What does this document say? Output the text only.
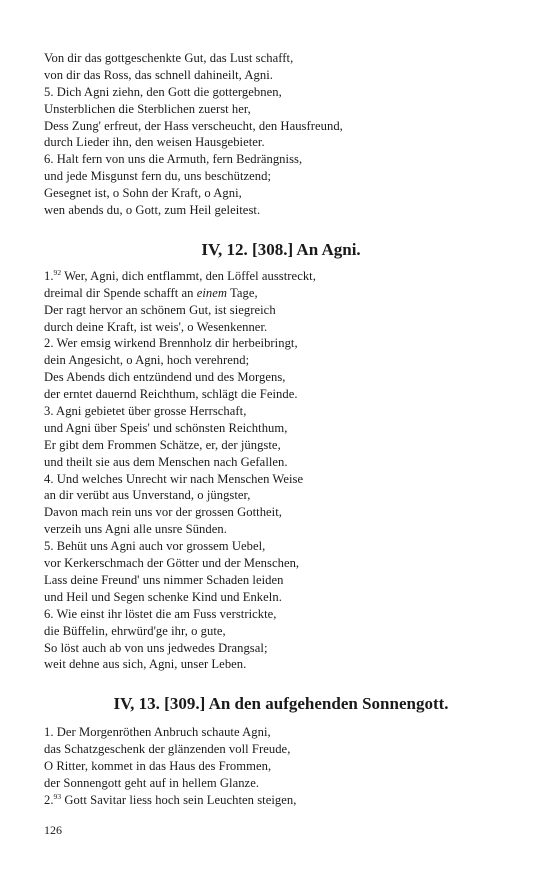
Von dir das gottgeschenkte Gut, das Lust schafft,
von dir das Ross, das schnell dahineilt, Agni.
5. Dich Agni ziehn, den Gott die gottergebnen,
Unsterblichen die Sterblichen zuerst her,
Dess Zung' erfreut, der Hass verscheucht, den Hausfreund,
durch Lieder ihn, den weisen Hausgebieter.
6. Halt fern von uns die Armuth, fern Bedrängniss,
und jede Misgunst fern du, uns beschützend;
Gesegnet ist, o Sohn der Kraft, o Agni,
wen abends du, o Gott, zum Heil geleitest.
IV, 12. [308.] An Agni.
1.92 Wer, Agni, dich entflammt, den Löffel ausstreckt,
dreimal dir Spende schafft an einem Tage,
Der ragt hervor an schönem Gut, ist siegreich
durch deine Kraft, ist weis', o Wesenkenner.
2. Wer emsig wirkend Brennholz dir herbeibringt,
dein Angesicht, o Agni, hoch verehrend;
Des Abends dich entzündend und des Morgens,
der erntet dauernd Reichthum, schlägt die Feinde.
3. Agni gebietet über grosse Herrschaft,
und Agni über Speis' und schönsten Reichthum,
Er gibt dem Frommen Schätze, er, der jüngste,
und theilt sie aus dem Menschen nach Gefallen.
4. Und welches Unrecht wir nach Menschen Weise
an dir verübt aus Unverstand, o jüngster,
Davon mach rein uns vor der grossen Gottheit,
verzeih uns Agni alle unsre Sünden.
5. Behüt uns Agni auch vor grossem Uebel,
vor Kerkerschmach der Götter und der Menschen,
Lass deine Freund' uns nimmer Schaden leiden
und Heil und Segen schenke Kind und Enkeln.
6. Wie einst ihr löstet die am Fuss verstrickte,
die Büffelin, ehrwürd'ge ihr, o gute,
So löst auch ab von uns jedwedes Drangsal;
weit dehne aus sich, Agni, unser Leben.
IV, 13. [309.] An den aufgehenden Sonnengott.
1. Der Morgenröthen Anbruch schaute Agni,
das Schatzgeschenk der glänzenden voll Freude,
O Ritter, kommet in das Haus des Frommen,
der Sonnengott geht auf in hellem Glanze.
2.93 Gott Savitar liess hoch sein Leuchten steigen,
126
